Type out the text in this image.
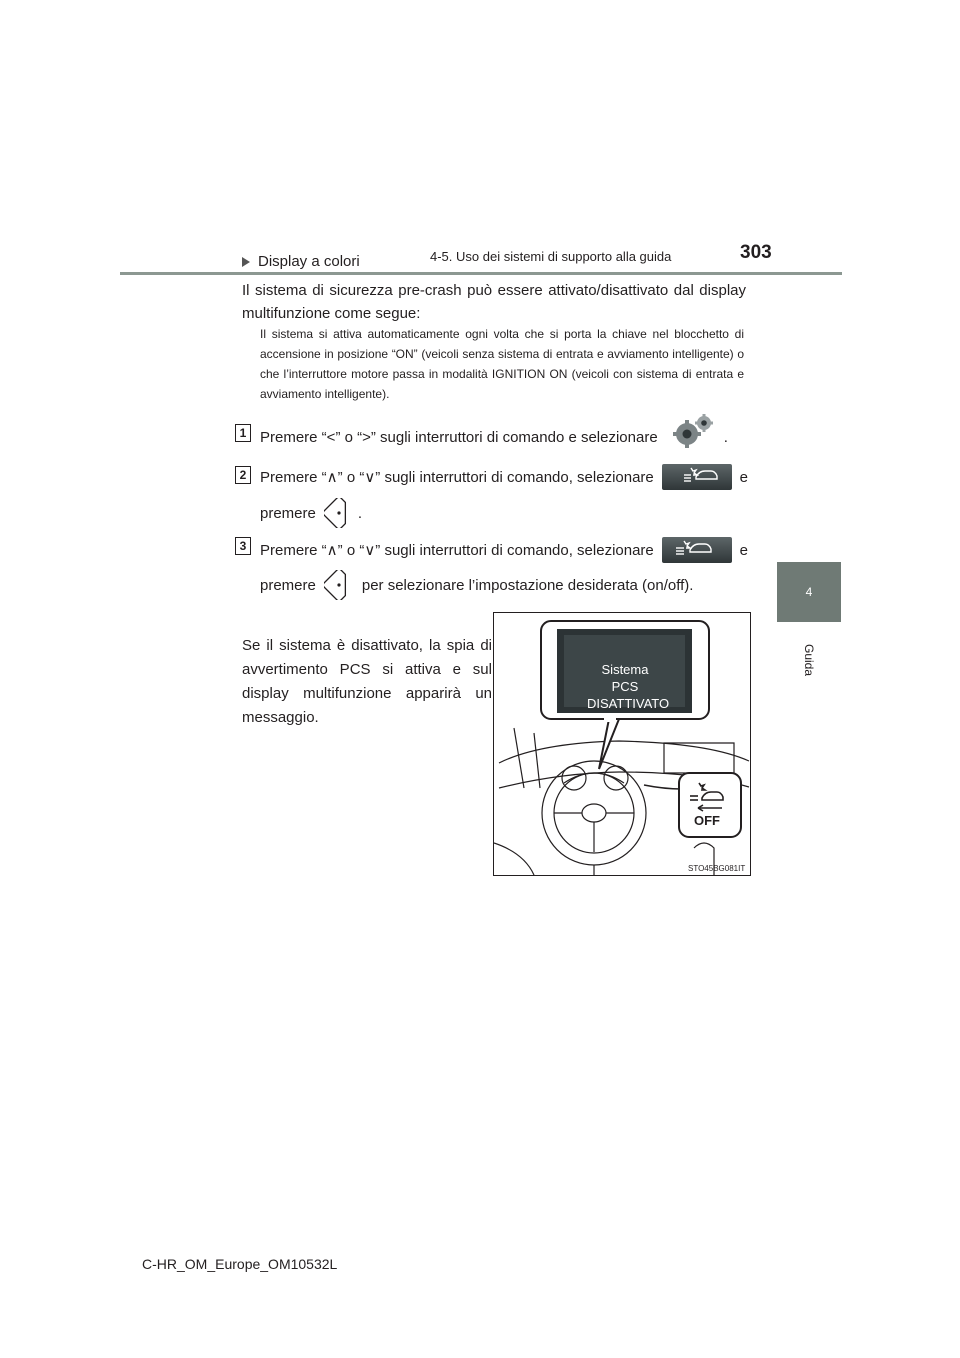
4-5. Uso dei sistemi di supporto alla guida	303
4
Guida
Display a colori
Il sistema di sicurezza pre-crash può essere attivato/disattivato dal display multifunzione come segue:
Il sistema si attiva automaticamente ogni volta che si porta la chiave nel blocchetto di accensione in posizione “ON” (veicoli senza sistema di entrata e avviamento intelligente) o che l’interruttore motore passa in modalità IGNITION ON (veicoli con sistema di entrata e avviamento intelligente).
1 Premere “<” o “>” sugli interruttori di comando e selezionare	.
2 Premere “∧” o “∨” sugli interruttori di comando, selezionare	e
premere	.
3 Premere “∧” o “∨” sugli interruttori di comando, selezionare	e
premere	per selezionare l’impostazione desiderata (on/off).
Se il sistema è disattivato, la spia di avvertimento PCS si attiva e sul display multifunzione apparirà un messaggio.
Sistema PCS
DISATTIVATO
OFF
STO45BG081IT
C-HR_OM_Europe_OM10532L
